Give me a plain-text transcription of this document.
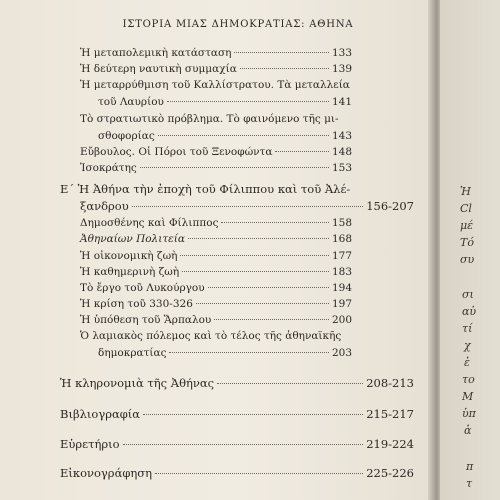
ΙΣΤΟΡΙΑ ΜΙΑΣ ΔΗΜΟΚΡΑΤΙΑΣ: ΑΘΗΝΑ
Ἡ μεταπολεμικὴ κατάσταση	133
Ἡ δεύτερη ναυτικὴ συμμαχία	139
Ἡ μεταρρύθμιση τοῦ Καλλίστρατου. Τὰ μεταλλεία
τοῦ Λαυρίου	141
Τὸ στρατιωτικὸ πρόβλημα. Τὸ φαινόμενο τῆς μι-
σθοφορίας	143
Εὔβουλος. Οἱ Πόροι τοῦ Ξενοφώντα	148
Ἰσοκράτης	153
Ε΄ Ἡ Ἀθήνα τὴν ἐποχὴ τοῦ Φίλιππου καὶ τοῦ Ἀλέ-
ξανδρου	156-207
Δημοσθένης καὶ Φίλιππος	158
Ἀθηναίων Πολιτεία	168
Ἡ οἰκονομικὴ ζωὴ	177
Ἡ καθημερινὴ ζωὴ	183
Τὸ ἔργο τοῦ Λυκούργου	194
Ἡ κρίση τοῦ 330-326	197
Ἡ ὑπόθεση τοῦ Ἅρπαλου	200
Ὁ λαμιακὸς πόλεμος καὶ τὸ τέλος τῆς ἀθηναϊκῆς
δημοκρατίας	203
Ἡ κληρονομιὰ τῆς Ἀθήνας	208-213
Βιβλιογραφία	215-217
Εὑρετήριο	219-224
Εἰκονογράφηση	225-226
Ἡ
Cl
μέ
Τό
συ
σι
αὐ
τί
χ
ἐ
το
Μ
ὑπ
ἀ
π
τ
